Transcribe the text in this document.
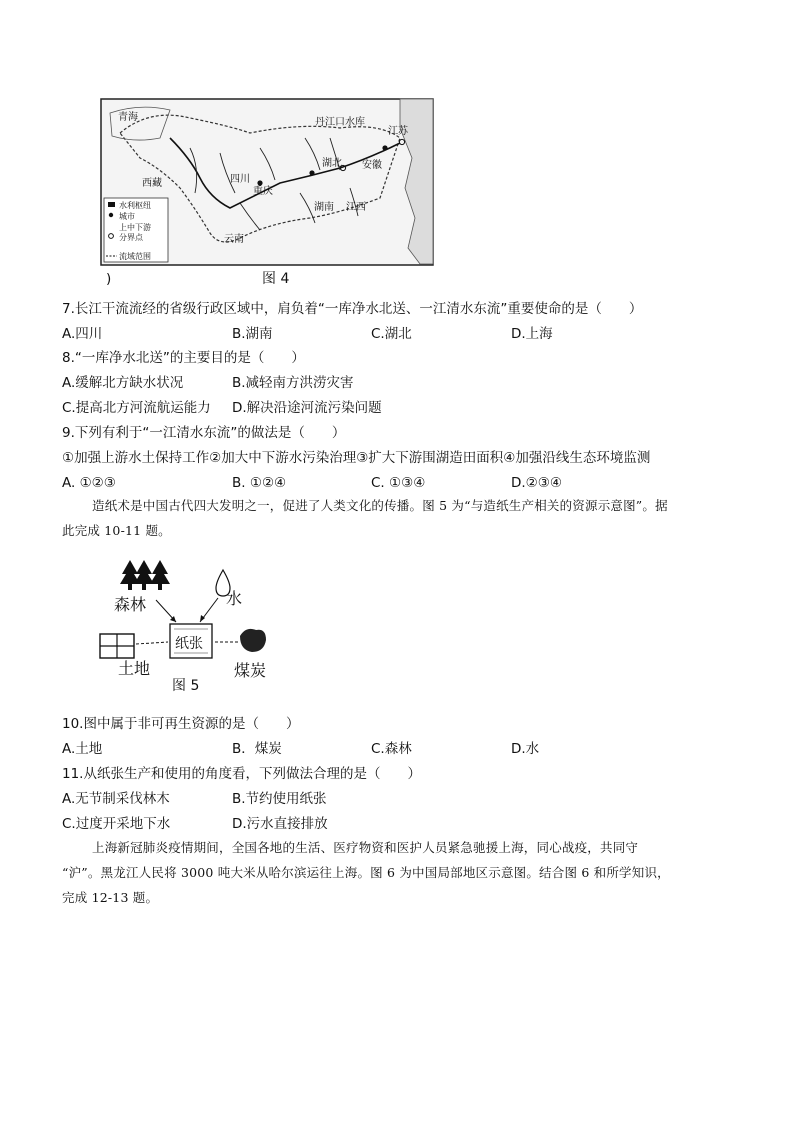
青海	丹江口水库
江苏
西藏	四川
重庆
湖北 安徽
湖南 江西
云南
水利枢纽
城市
上中下游
分界点
流域范围
)	图 4
7.长江干流流经的省级行政区域中，肩负着“一库净水北送、一江清水东流”重要使命的是（　　）
A.四川	B.湖南	C.湖北	D.上海
8.“一库净水北送”的主要目的是（　　）
A.缓解北方缺水状况	B.减轻南方洪涝灾害
C.提高北方河流航运能力 D.解决沿途河流污染问题
9.下列有利于“一江清水东流”的做法是（　　）
①加强上游水土保持工作②加大中下游水污染治理③扩大下游围湖造田面积④加强沿线生态环境监测
A. ①②③	B. ①②④	C. ①③④	D.②③④
造纸术是中国古代四大发明之一，促进了人类文化的传播。图 5 为“与造纸生产相关的资源示意图”。据
此完成 10-11 题。
森林	水
纸张
土地	煤炭
图 5
10.图中属于非可再生资源的是（　　）
A.土地	B．煤炭	C.森林	D.水
11.从纸张生产和使用的角度看，下列做法合理的是（　　）
A.无节制采伐林木	B.节约使用纸张
C.过度开采地下水	D.污水直接排放
上海新冠肺炎疫情期间，全国各地的生活、医疗物资和医护人员紧急驰援上海，同心战疫，共同守
“沪”。黑龙江人民将 3000 吨大米从哈尔滨运往上海。图 6 为中国局部地区示意图。结合图 6 和所学知识，
完成 12-13 题。
